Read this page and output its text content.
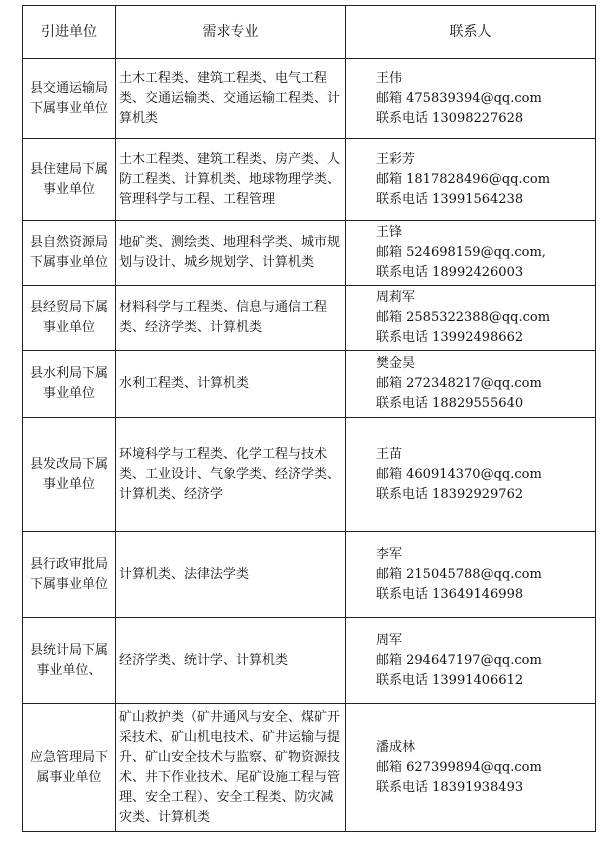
引进单位	需求专业	联系人
县交通运输局下属事业单位	土木工程类、建筑工程类、电气工程类、交通运输类、交通运输工程类、计算机类	王伟
邮箱 475839394@qq.com
联系电话 13098227628

县住建局下属事业单位	土木工程类、建筑工程类、房产类、人防工程类、计算机类、地球物理学类、管理科学与工程、工程管理	王彩芳
邮箱 1817828496@qq.com
联系电话 13991564238

县自然资源局下属事业单位	地矿类、测绘类、地理科学类、城市规划与设计、城乡规划学、计算机类	王锋
邮箱 524698159@qq.com,
联系电话 18992426003

县经贸局下属事业单位	材料科学与工程类、信息与通信工程类、经济学类、计算机类	周莉军
邮箱 2585322388@qq.com
联系电话 13992498662

县水利局下属事业单位	水利工程类、计算机类	樊金昊
邮箱 272348217@qq.com
联系电话 18829555640

县发改局下属事业单位	环境科学与工程类、化学工程与技术类、工业设计、气象学类、经济学类、计算机类、经济学	王苗
邮箱 460914370@qq.com
联系电话 18392929762

县行政审批局下属事业单位	计算机类、法律法学类	李军
邮箱 215045788@qq.com
联系电话 13649146998

县统计局下属事业单位、	经济学类、统计学、计算机类	周军
邮箱 294647197@qq.com
联系电话 13991406612

应急管理局下属事业单位	矿山救护类（矿井通风与安全、煤矿开采技术、矿山机电技术、矿井运输与提升、矿山安全技术与监察、矿物资源技术、井下作业技术、尾矿设施工程与管理、安全工程）、安全工程类、防灾减灾类、计算机类	潘成林
邮箱 627399894@qq.com
联系电话 18391938493
